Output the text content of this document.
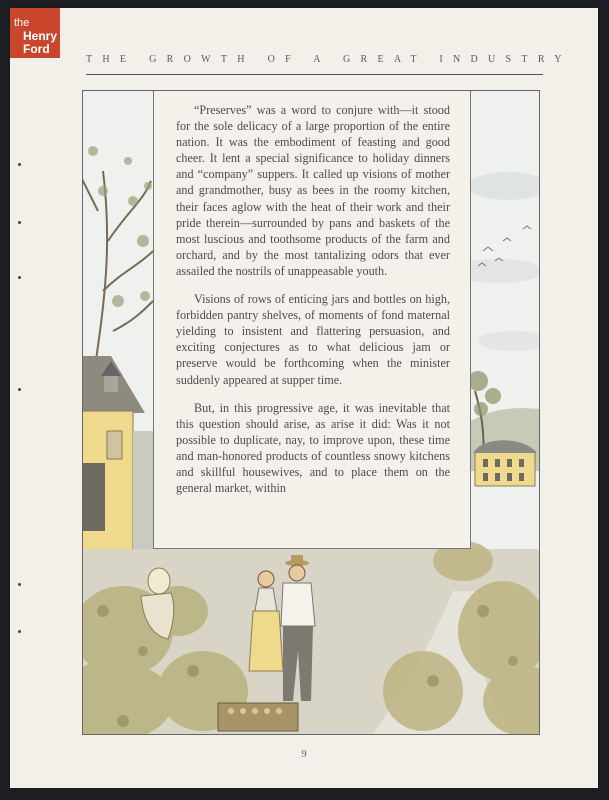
the
Henry
Ford
THE GROWTH OF A GREAT INDUSTRY

“Preserves” was a word to conjure with—it stood for the sole delicacy of a large proportion of the entire nation. It was the embodiment of feasting and good cheer. It lent a special significance to holiday dinners and “company” suppers. It called up visions of mother and grandmother, busy as bees in the roomy kitchen, their faces aglow with the heat of their work and their pride therein—surrounded by pans and baskets of the most luscious and toothsome products of the farm and orchard, and by the most tantalizing odors that ever assailed the nostrils of unappeasable youth.

Visions of rows of enticing jars and bottles on high, forbidden pantry shelves, of moments of fond maternal yielding to insistent and flattering persuasion, and exciting conjectures as to what delicious jam or preserve would be forthcoming when the minister suddenly appeared at supper time.

But, in this progressive age, it was inevitable that this question should arise, as arise it did: Was it not possible to duplicate, nay, to improve upon, these time and man-honored products of countless snowy kitchens and skillful housewives, and to place them on the general market, within

9
